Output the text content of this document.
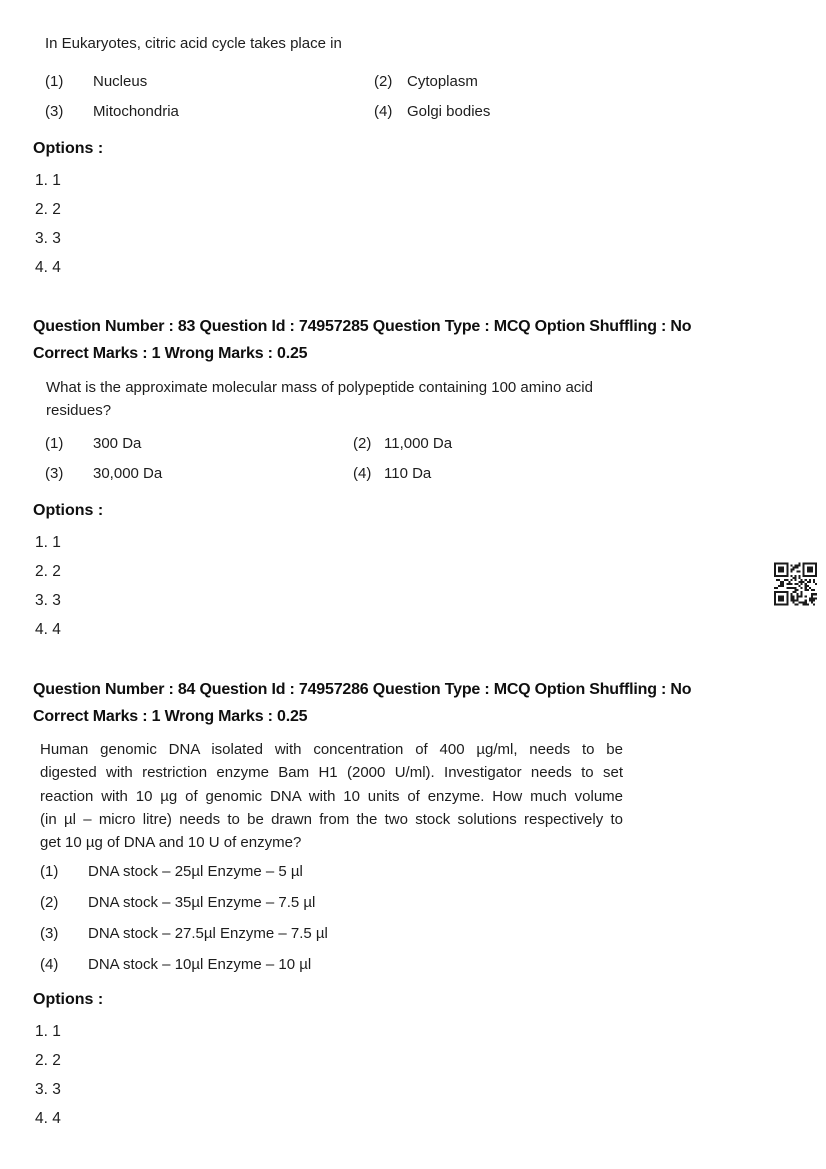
In Eukaryotes, citric acid cycle takes place in
(1) Nucleus	(2) Cytoplasm
(3) Mitochondria	(4) Golgi bodies
Options :
1. 1
2. 2
3. 3
4. 4
Question Number : 83 Question Id : 74957285 Question Type : MCQ Option Shuffling : No
Correct Marks : 1 Wrong Marks : 0.25
What is the approximate molecular mass of polypeptide containing 100 amino acid
residues?
(1) 300 Da	(2) 11,000 Da
(3) 30,000 Da	(4) 110 Da
Options :
1. 1
2. 2
3. 3
4. 4
Question Number : 84 Question Id : 74957286 Question Type : MCQ Option Shuffling : No
Correct Marks : 1 Wrong Marks : 0.25
Human genomic DNA isolated with concentration of 400 µg/ml, needs to be
digested with restriction enzyme Bam H1 (2000 U/ml). Investigator needs to set
reaction with 10 µg of genomic DNA with 10 units of enzyme. How much volume
(in µl – micro litre) needs to be drawn from the two stock solutions respectively to
get 10 µg of DNA and 10 U of enzyme?
(1) DNA stock – 25µl Enzyme – 5 µl
(2) DNA stock – 35µl Enzyme – 7.5 µl
(3) DNA stock – 27.5µl Enzyme – 7.5 µl
(4) DNA stock – 10µl Enzyme – 10 µl
Options :
1. 1
2. 2
3. 3
4. 4
